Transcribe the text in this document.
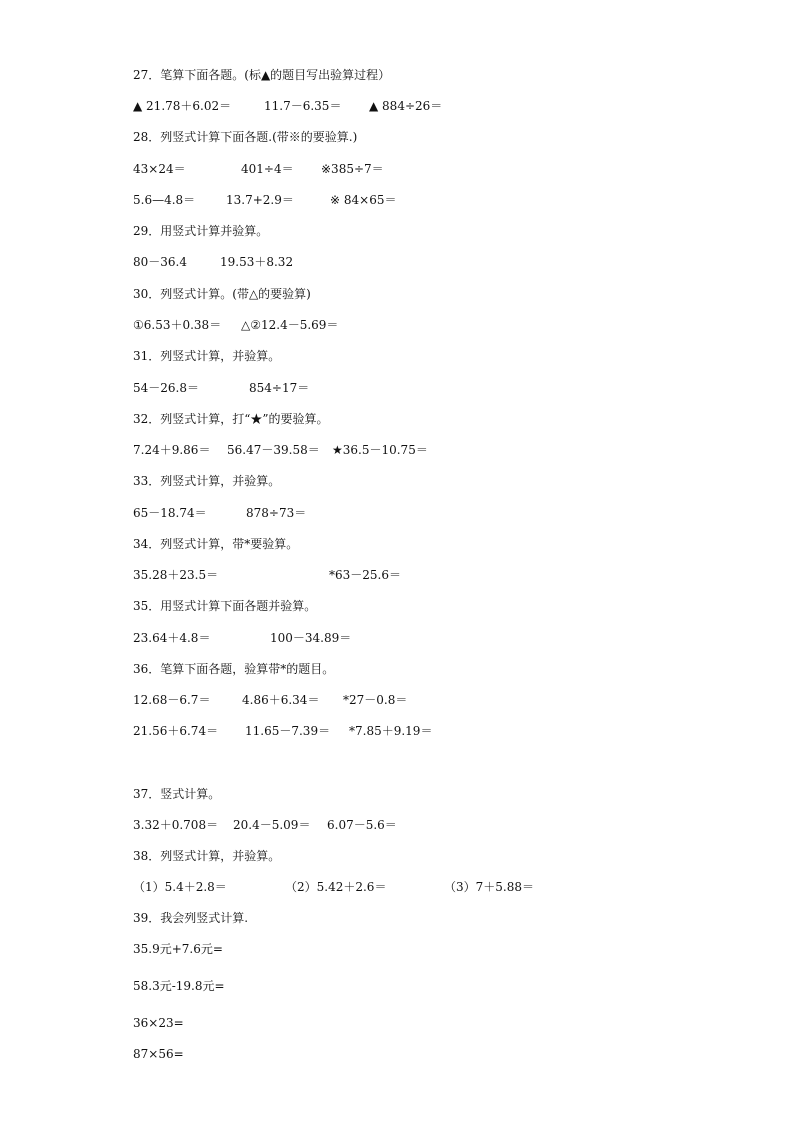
27．笔算下面各题。(标▲的题目写出验算过程）

▲ 21.78＋6.02＝	11.7－6.35＝ ▲ 884÷26＝

28．列竖式计算下面各题.(带※的要验算.)

43×24＝	401÷4＝ ※385÷7＝

5.6—4.8＝	13.7+2.9＝	※ 84×65＝

29．用竖式计算并验算。

80－36.4	19.53＋8.32

30．列竖式计算。(带△的要验算)

①6.53＋0.38＝ △②12.4－5.69＝

31．列竖式计算，并验算。

54－26.8＝	854÷17＝

32．列竖式计算，打“★”的要验算。

7.24＋9.86＝ 56.47－39.58＝ ★36.5－10.75＝

33．列竖式计算，并验算。

65－18.74＝	878÷73＝

34．列竖式计算，带*要验算。

35.28＋23.5＝	*63－25.6＝

35．用竖式计算下面各题并验算。

23.64＋4.8＝	100－34.89＝

36．笔算下面各题，验算带*的题目。

12.68－6.7＝	4.86＋6.34＝ *27－0.8＝

21.56＋6.74＝ 11.65－7.39＝ *7.85＋9.19＝

37．竖式计算。

3.32＋0.708＝ 20.4－5.09＝ 6.07－5.6＝

38．列竖式计算，并验算。

（1）5.4＋2.8＝	（2）5.42＋2.6＝	（3）7＋5.88＝

39．我会列竖式计算.

35.9元+7.6元=

58.3元-19.8元=

36×23=

87×56=
